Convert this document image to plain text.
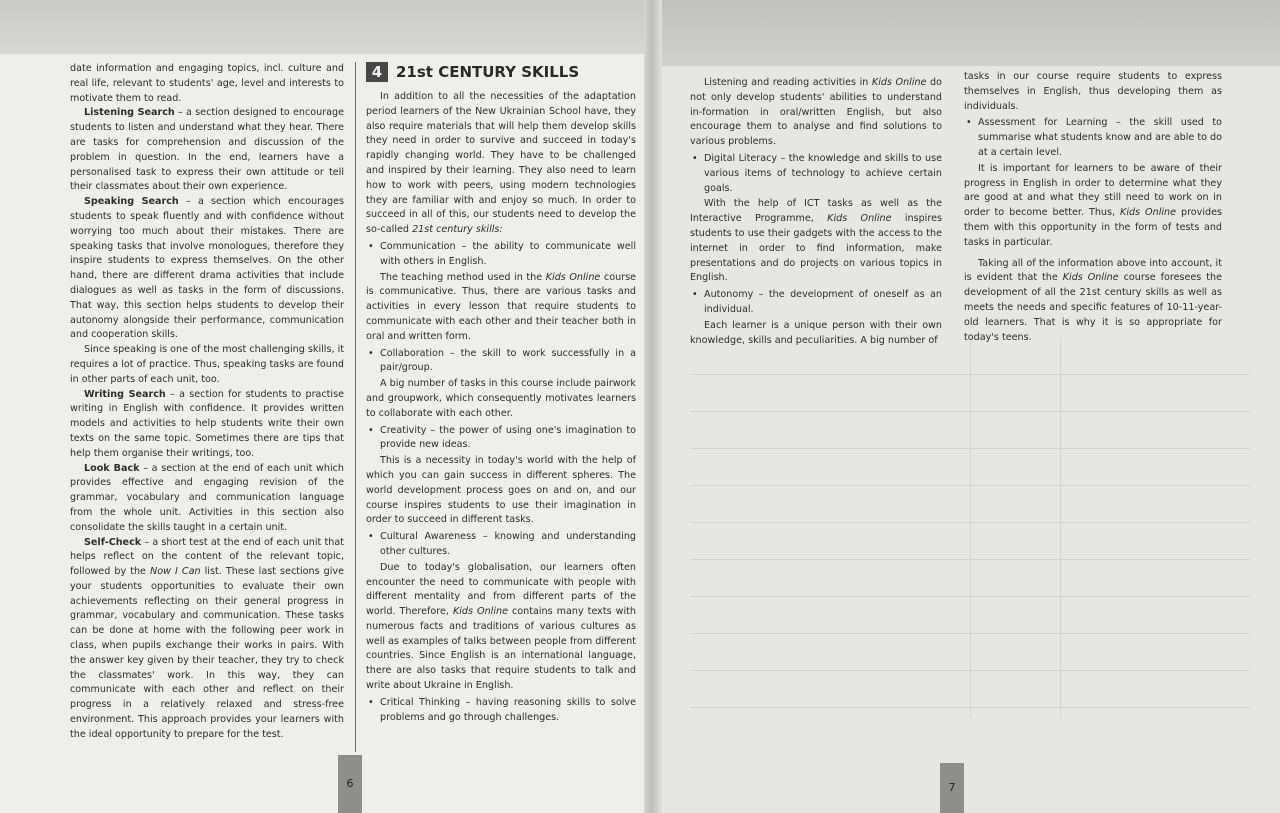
date information and engaging topics, incl. culture and real life, relevant to students' age, level and interests to motivate them to read.

Listening Search – a section designed to encourage students to listen and understand what they hear. There are tasks for comprehension and discussion of the problem in question. In the end, learners have a personalised task to express their own attitude or tell their classmates about their own experience.

Speaking Search – a section which encourages students to speak fluently and with confidence without worrying too much about their mistakes. There are speaking tasks that involve monologues, therefore they inspire students to express themselves. On the other hand, there are different drama activities that include dialogues as well as tasks in the form of discussions. That way, this section helps students to develop their autonomy alongside their performance, communication and cooperation skills.

Since speaking is one of the most challenging skills, it requires a lot of practice. Thus, speaking tasks are found in other parts of each unit, too.

Writing Search – a section for students to practise writing in English with confidence. It provides written models and activities to help students write their own texts on the same topic. Sometimes there are tips that help them organise their writings, too.

Look Back – a section at the end of each unit which provides effective and engaging revision of the grammar, vocabulary and communication language from the whole unit. Activities in this section also consolidate the skills taught in a certain unit.

Self-Check – a short test at the end of each unit that helps reflect on the content of the relevant topic, followed by the Now I Can list. These last sections give your students opportunities to evaluate their own achievements reflecting on their general progress in grammar, vocabulary and communication. These tasks can be done at home with the following peer work in class, when pupils exchange their works in pairs. With the answer key given by their teacher, they try to check the classmates' work. In this way, they can communicate with each other and reflect on their progress in a relatively relaxed and stress-free environment. This approach provides your learners with the ideal opportunity to prepare for the test.

4 21st CENTURY SKILLS

In addition to all the necessities of the adaptation period learners of the New Ukrainian School have, they also require materials that will help them develop skills they need in order to survive and succeed in today's rapidly changing world. They have to be challenged and inspired by their learning. They also need to learn how to work with peers, using modern technologies they are familiar with and enjoy so much. In order to succeed in all of this, our students need to develop the so-called 21st century skills:

• Communication – the ability to communicate well with others in English.

The teaching method used in the Kids Online course is communicative. Thus, there are various tasks and activities in every lesson that require students to communicate with each other and their teacher both in oral and written form.

• Collaboration – the skill to work successfully in a pair/group.

A big number of tasks in this course include pairwork and groupwork, which consequently motivates learners to collaborate with each other.

• Creativity – the power of using one's imagination to provide new ideas.

This is a necessity in today's world with the help of which you can gain success in different spheres. The world development process goes on and on, and our course inspires students to use their imagination in order to succeed in different tasks.

• Cultural Awareness – knowing and understanding other cultures.

Due to today's globalisation, our learners often encounter the need to communicate with people with different mentality and from different parts of the world. Therefore, Kids Online contains many texts with numerous facts and traditions of various cultures as well as examples of talks between people from different countries. Since English is an international language, there are also tasks that require students to talk and write about Ukraine in English.

• Critical Thinking – having reasoning skills to solve problems and go through challenges.
6

Listening and reading activities in Kids Online do not only develop students' abilities to understand in-formation in oral/written English, but also encourage them to analyse and find solutions to various problems.

• Digital Literacy – the knowledge and skills to use various items of technology to achieve certain goals.

With the help of ICT tasks as well as the Interactive Programme, Kids Online inspires students to use their gadgets with the access to the internet in order to find information, make presentations and do projects on various topics in English.

• Autonomy – the development of oneself as an individual.

Each learner is a unique person with their own knowledge, skills and peculiarities. A big number of

tasks in our course require students to express themselves in English, thus developing them as individuals.

• Assessment for Learning – the skill used to summarise what students know and are able to do at a certain level.

It is important for learners to be aware of their progress in English in order to determine what they are good at and what they still need to work on in order to become better. Thus, Kids Online provides them with this opportunity in the form of tests and tasks in particular.

Taking all of the information above into account, it is evident that the Kids Online course foresees the development of all the 21st century skills as well as meets the needs and specific features of 10-11-year-old learners. That is why it is so appropriate for today's teens.

7
